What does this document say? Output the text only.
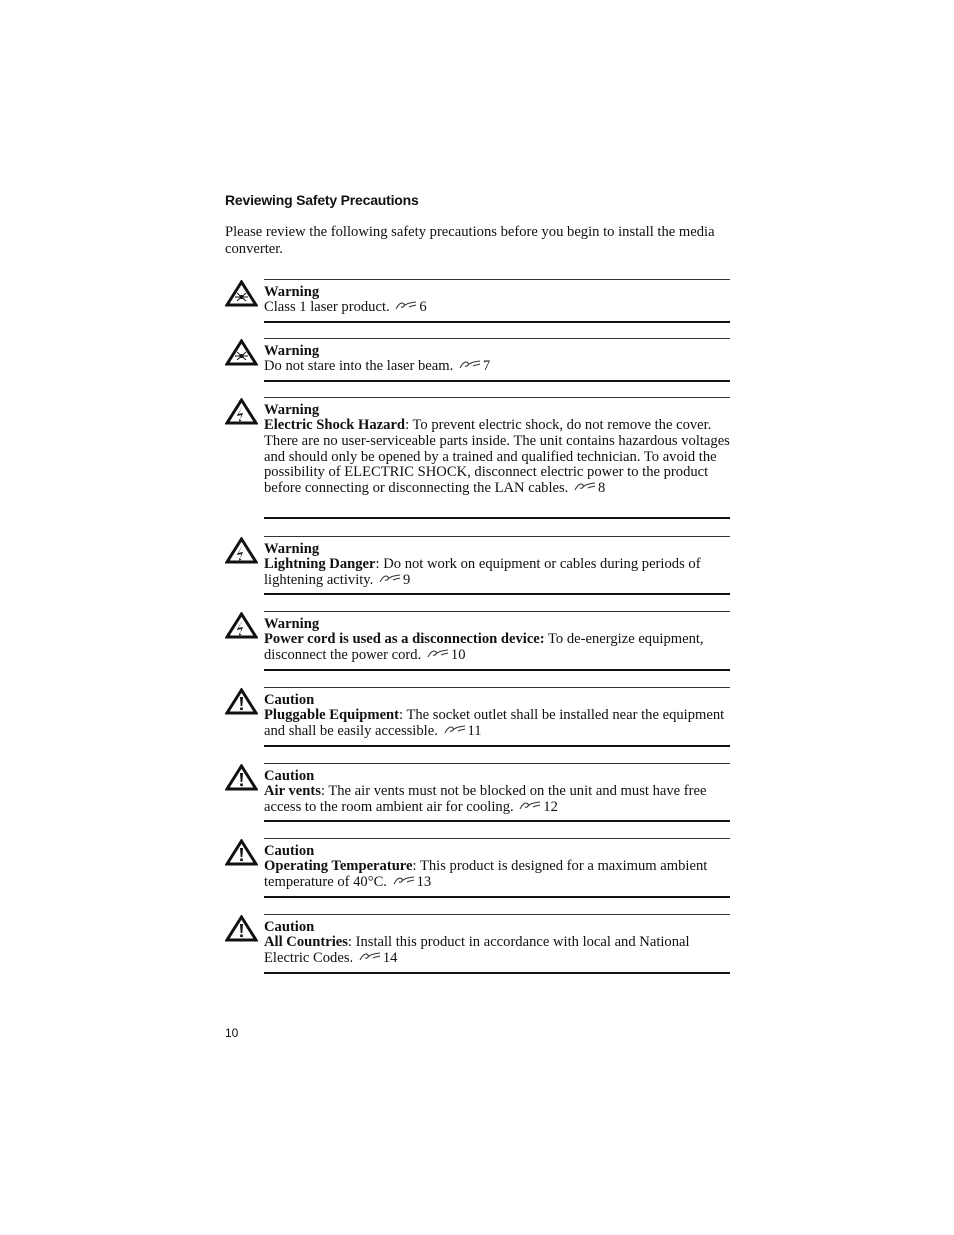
Reviewing Safety Precautions

Please review the following safety precautions before you begin to install the media converter.

Warning
Class 1 laser product. 6
Warning
Do not stare into the laser beam. 7
Warning
Electric Shock Hazard: To prevent electric shock, do not remove the cover. There are no user-serviceable parts inside. The unit contains hazardous voltages and should only be opened by a trained and qualified technician. To avoid the possibility of ELECTRIC SHOCK, disconnect electric power to the product before connecting or disconnecting the LAN cables. 8
Warning
Lightning Danger: Do not work on equipment or cables during periods of lightening activity. 9
Warning
Power cord is used as a disconnection device: To de-energize equipment, disconnect the power cord. 10
Caution
Pluggable Equipment: The socket outlet shall be installed near the equipment and shall be easily accessible. 11
Caution
Air vents: The air vents must not be blocked on the unit and must have free access to the room ambient air for cooling. 12
Caution
Operating Temperature: This product is designed for a maximum ambient temperature of 40°C. 13
Caution
All Countries: Install this product in accordance with local and National Electric Codes. 14
10
